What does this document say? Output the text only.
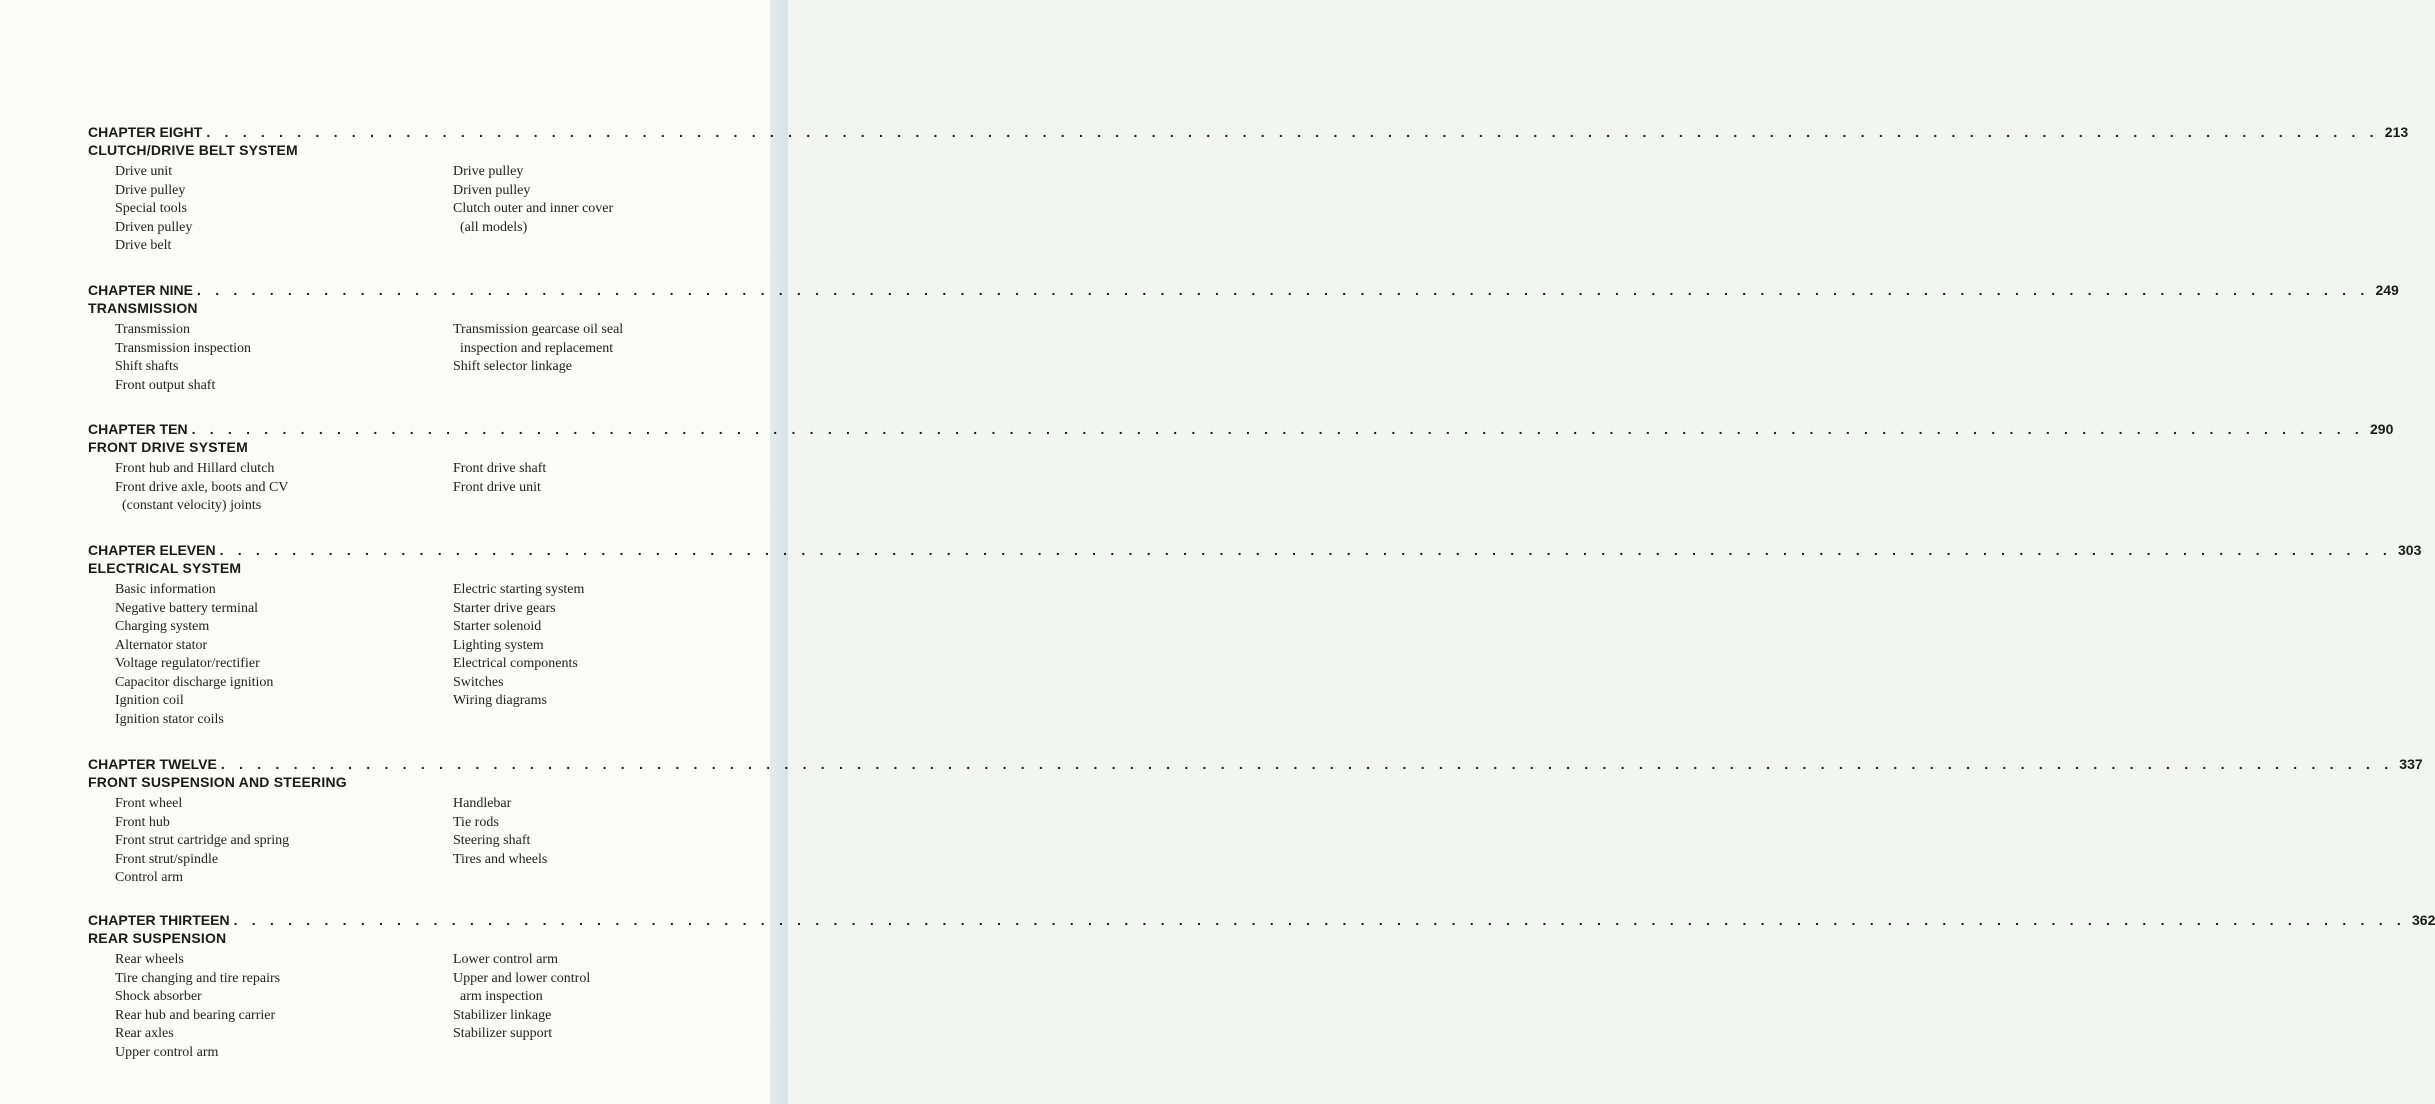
CHAPTER EIGHT . . . . . . . . . . . . . . . . . . . . . . . . . . . . . . . . . . . . . . . . . . . . . . . . . . . . . . . . . . . . . . . . . . . . . . . . . . . . . . . . . . . . . . . . . . . . . . . . . . . . . . . . . . . . . . . . . . . . . . . . 213
CLUTCH/DRIVE BELT SYSTEM
Drive unit
Drive pulley
Special tools
Driven pulley
Drive belt
Drive pulley
Driven pulley
Clutch outer and inner cover
(all models)
CHAPTER NINE . . . . . . . . . . . . . . . . . . . . . . . . . . . . . . . . . . . . . . . . . . . . . . . . . . . . . . . . . . . . . . . . . . . . . . . . . . . . . . . . . . . . . . . . . . . . . . . . . . . . . . . . . . . . . . . . . . . . . . . . 249
TRANSMISSION
Transmission
Transmission inspection
Shift shafts
Front output shaft
Transmission gearcase oil seal
inspection and replacement
Shift selector linkage
CHAPTER TEN . . . . . . . . . . . . . . . . . . . . . . . . . . . . . . . . . . . . . . . . . . . . . . . . . . . . . . . . . . . . . . . . . . . . . . . . . . . . . . . . . . . . . . . . . . . . . . . . . . . . . . . . . . . . . . . . . . . . . . . . 290
FRONT DRIVE SYSTEM
Front hub and Hillard clutch
Front drive axle, boots and CV
(constant velocity) joints
Front drive shaft
Front drive unit
CHAPTER ELEVEN . . . . . . . . . . . . . . . . . . . . . . . . . . . . . . . . . . . . . . . . . . . . . . . . . . . . . . . . . . . . . . . . . . . . . . . . . . . . . . . . . . . . . . . . . . . . . . . . . . . . . . . . . . . . . . . . . . . . . . . . 303
ELECTRICAL SYSTEM
Basic information
Negative battery terminal
Charging system
Alternator stator
Voltage regulator/rectifier
Capacitor discharge ignition
Ignition coil
Ignition stator coils
Electric starting system
Starter drive gears
Starter solenoid
Lighting system
Electrical components
Switches
Wiring diagrams
CHAPTER TWELVE . . . . . . . . . . . . . . . . . . . . . . . . . . . . . . . . . . . . . . . . . . . . . . . . . . . . . . . . . . . . . . . . . . . . . . . . . . . . . . . . . . . . . . . . . . . . . . . . . . . . . . . . . . . . . . . . . . . . . . . . 337
FRONT SUSPENSION AND STEERING
Front wheel
Front hub
Front strut cartridge and spring
Front strut/spindle
Control arm
Handlebar
Tie rods
Steering shaft
Tires and wheels
CHAPTER THIRTEEN . . . . . . . . . . . . . . . . . . . . . . . . . . . . . . . . . . . . . . . . . . . . . . . . . . . . . . . . . . . . . . . . . . . . . . . . . . . . . . . . . . . . . . . . . . . . . . . . . . . . . . . . . . . . . . . . . . . . . . . . 362
REAR SUSPENSION
Rear wheels
Tire changing and tire repairs
Shock absorber
Rear hub and bearing carrier
Rear axles
Upper control arm
Lower control arm
Upper and lower control
arm inspection
Stabilizer linkage
Stabilizer support
